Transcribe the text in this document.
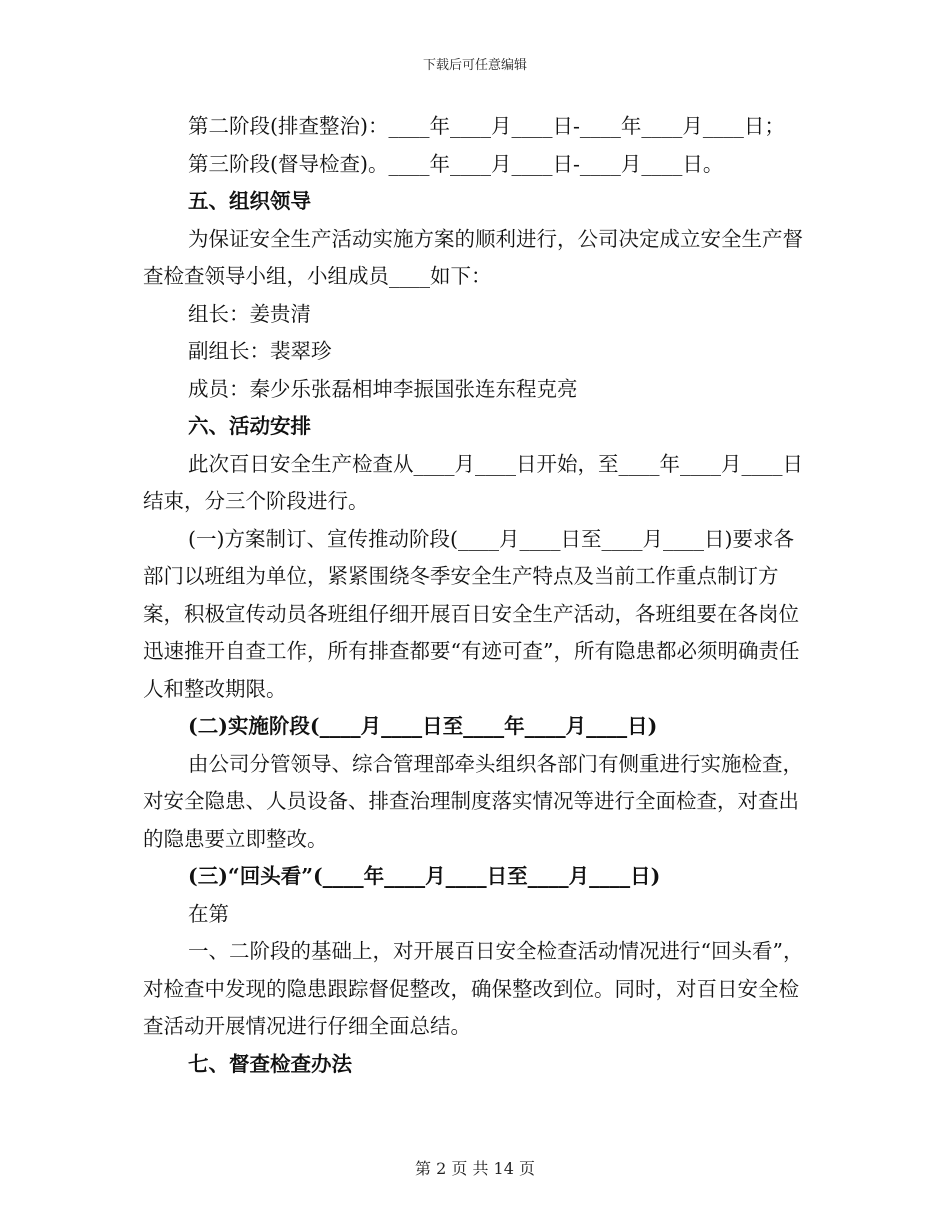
下载后可任意编辑

第二阶段(排查整治)：____年____月____日-____年____月____日；

第三阶段(督导检查)。____年____月____日-____月____日。

五、组织领导

为保证安全生产活动实施方案的顺利进行，公司决定成立安全生产督查检查领导小组，小组成员____如下：

组长：姜贵清

副组长：裴翠珍

成员：秦少乐张磊相坤李振国张连东程克亮

六、活动安排

此次百日安全生产检查从____月____日开始，至____年____月____日结束，分三个阶段进行。

(一)方案制订、宣传推动阶段(____月____日至____月____日)要求各部门以班组为单位，紧紧围绕冬季安全生产特点及当前工作重点制订方案，积极宣传动员各班组仔细开展百日安全生产活动，各班组要在各岗位迅速推开自查工作，所有排查都要“有迹可查”，所有隐患都必须明确责任人和整改期限。

(二)实施阶段(____月____日至____年____月____日)

由公司分管领导、综合管理部牵头组织各部门有侧重进行实施检查，对安全隐患、人员设备、排查治理制度落实情况等进行全面检查，对查出的隐患要立即整改。

(三)“回头看”(____年____月____日至____月____日)

在第

一、二阶段的基础上，对开展百日安全检查活动情况进行“回头看”，对检查中发现的隐患跟踪督促整改，确保整改到位。同时，对百日安全检查活动开展情况进行仔细全面总结。

七、督查检查办法

第 2 页 共 14 页
